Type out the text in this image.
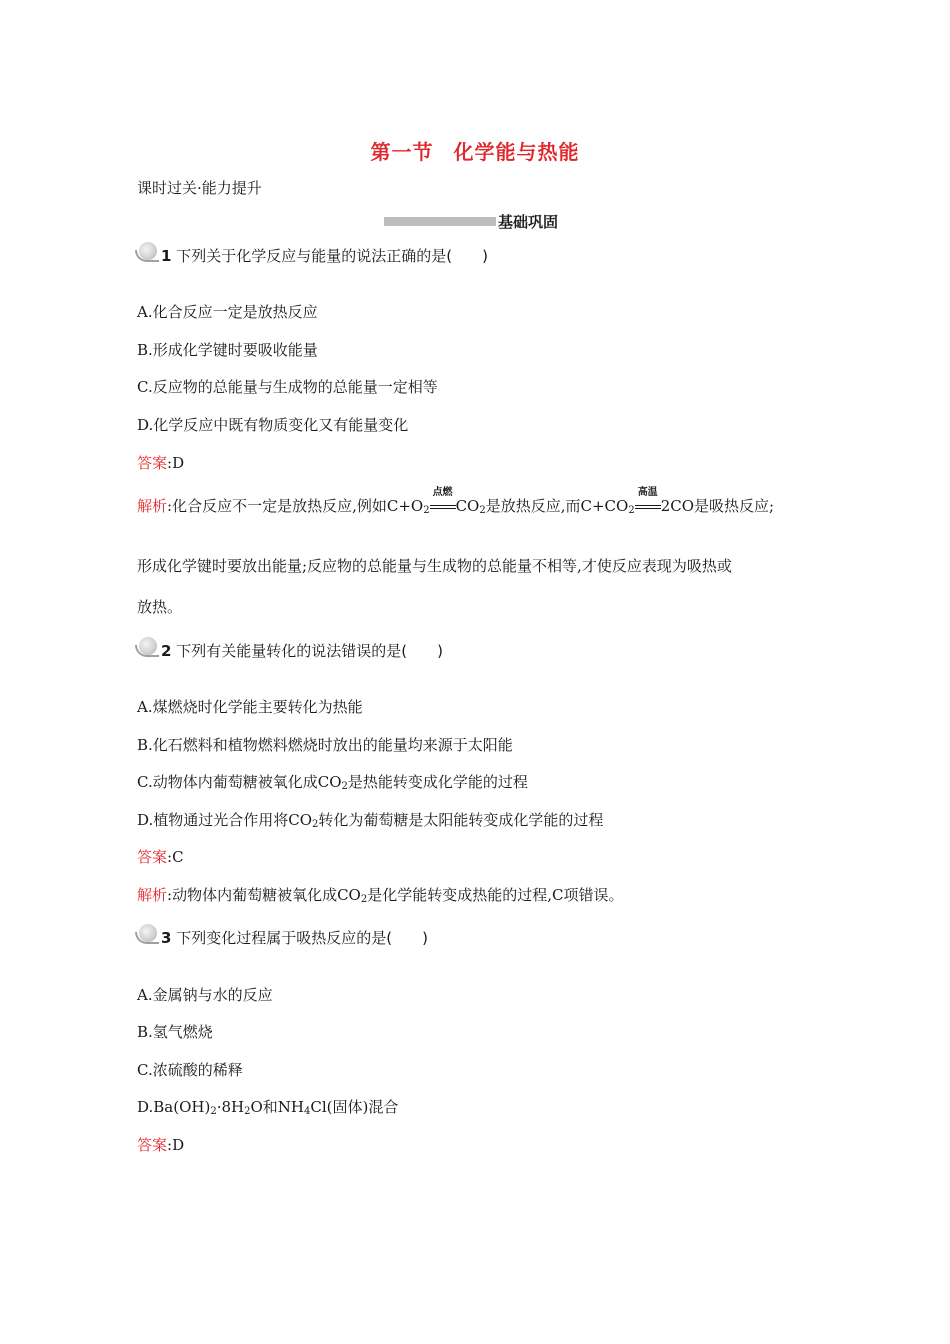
第一节 化学能与热能
课时过关·能力提升
基础巩固
1 下列关于化学反应与能量的说法正确的是(　　)
A.化合反应一定是放热反应
B.形成化学键时要吸收能量
C.反应物的总能量与生成物的总能量一定相等
D.化学反应中既有物质变化又有能量变化
答案:D
解析:化合反应不一定是放热反应,例如$C+O_2$
点燃
$CO_2$是放热反应,而$C+CO_2$
高温
2CO是吸热反应;
形成化学键时要放出能量;反应物的总能量与生成物的总能量不相等,才使反应表现为吸热或
放热。
2 下列有关能量转化的说法错误的是(　　)
A.煤燃烧时化学能主要转化为热能
B.化石燃料和植物燃料燃烧时放出的能量均来源于太阳能
C.动物体内葡萄糖被氧化成$CO_2$是热能转变成化学能的过程
D.植物通过光合作用将$CO_2$转化为葡萄糖是太阳能转变成化学能的过程
答案:C
解析:动物体内葡萄糖被氧化成$CO_2$是化学能转变成热能的过程,C项错误。
3 下列变化过程属于吸热反应的是(　　)
A.金属钠与水的反应
B.氢气燃烧
C.浓硫酸的稀释
$D.Ba(OH)_2\cdot 8H_2O$和$NH_4Cl$(固体)混合
答案:D
